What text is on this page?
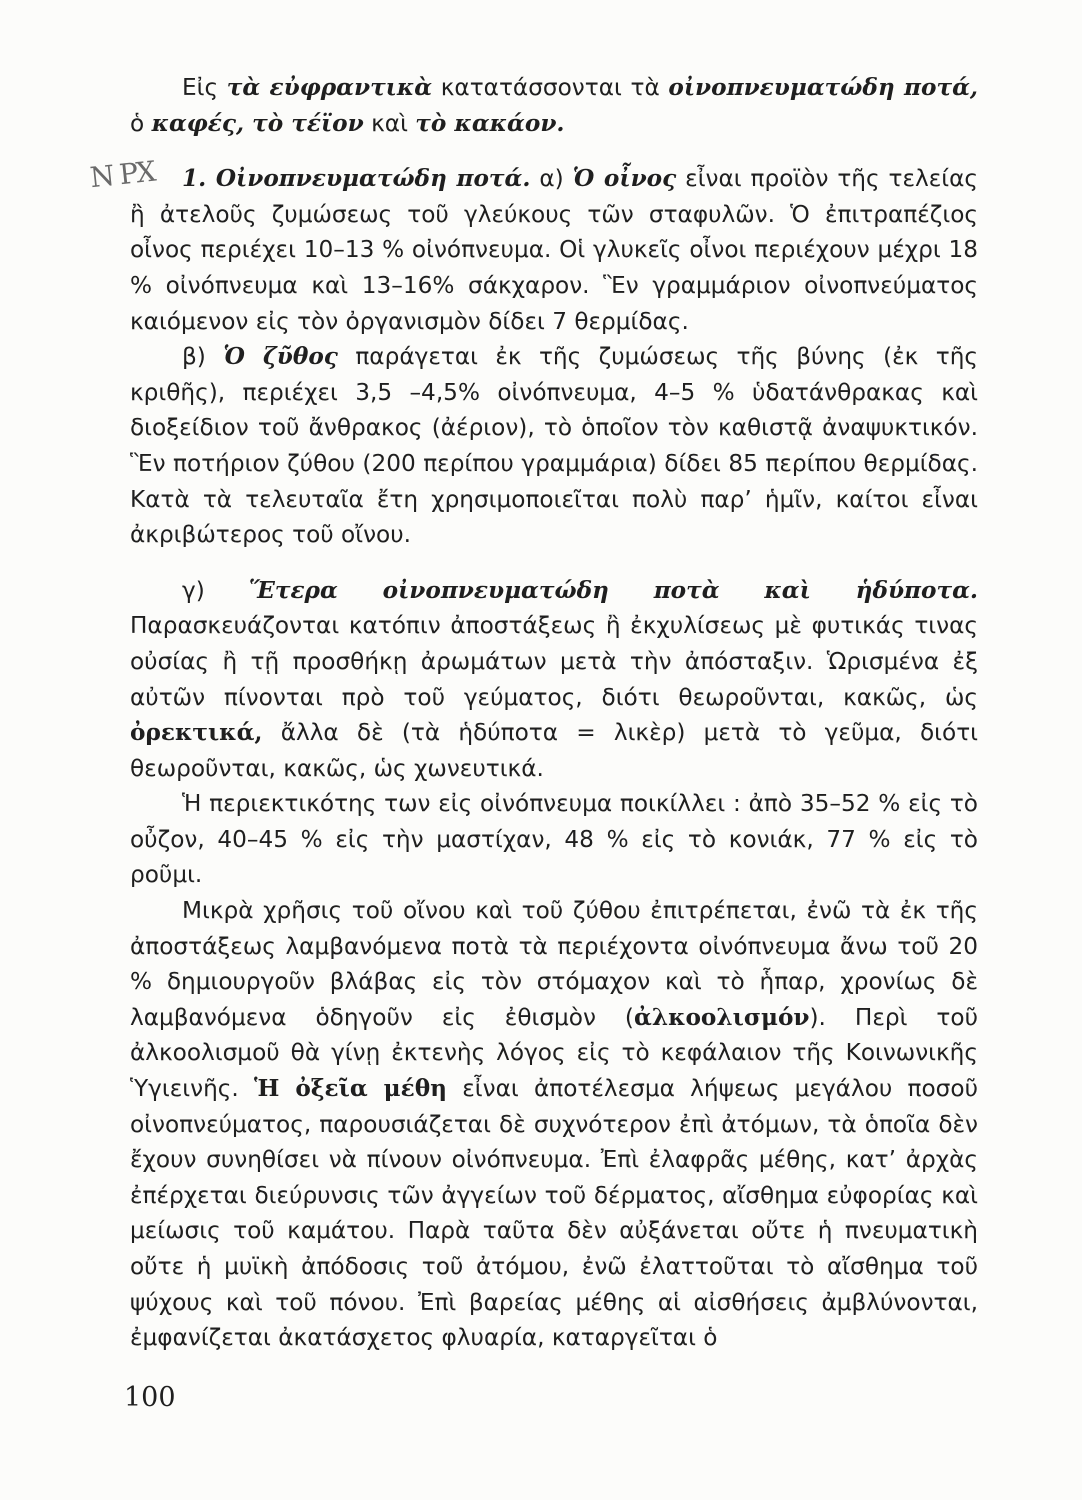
Ν ΡΧ

Εἰς τὰ εὐφραντικὰ κατατάσσονται τὰ οἰνοπνευματώδη ποτά, ὁ καφές, τὸ τέϊον καὶ τὸ κακάον.

1. Οἰνοπνευματώδη ποτά. α) Ὁ οἶνος εἶναι προϊὸν τῆς τελείας ἢ ἀτελοῦς ζυμώσεως τοῦ γλεύκους τῶν σταφυλῶν. Ὁ ἐπιτραπέζιος οἶνος περιέχει 10–13 % οἰνόπνευμα. Οἱ γλυκεῖς οἶνοι περιέχουν μέχρι 18 % οἰνόπνευμα καὶ 13–16% σάκχαρον. Ἓν γραμμάριον οἰνοπνεύματος καιόμενον εἰς τὸν ὀργανισμὸν δίδει 7 θερμίδας.

β) Ὁ ζῦθος παράγεται ἐκ τῆς ζυμώσεως τῆς βύνης (ἐκ τῆς κριθῆς), περιέχει 3,5 –4,5% οἰνόπνευμα, 4–5 % ὑδατάνθρακας καὶ διοξείδιον τοῦ ἄνθρακος (ἀέριον), τὸ ὁποῖον τὸν καθιστᾷ ἀναψυκτικόν. Ἓν ποτήριον ζύθου (200 περίπου γραμμάρια) δίδει 85 περίπου θερμίδας. Κατὰ τὰ τελευταῖα ἔτη χρησιμοποιεῖται πολὺ παρ’ ἡμῖν, καίτοι εἶναι ἀκριβώτερος τοῦ οἴνου.

γ) Ἕτερα οἰνοπνευματώδη ποτὰ καὶ ἡδύποτα. Παρασκευάζονται κατόπιν ἀποστάξεως ἢ ἐκχυλίσεως μὲ φυτικάς τινας οὐσίας ἢ τῇ προσθήκῃ ἀρωμάτων μετὰ τὴν ἀπόσταξιν. Ὡρισμένα ἐξ αὐτῶν πίνονται πρὸ τοῦ γεύματος, διότι θεωροῦνται, κακῶς, ὡς ὀρεκτικά, ἄλλα δὲ (τὰ ἡδύποτα = λικὲρ) μετὰ τὸ γεῦμα, διότι θεωροῦνται, κακῶς, ὡς χωνευτικά.

Ἡ περιεκτικότης των εἰς οἰνόπνευμα ποικίλλει : ἀπὸ 35–52 % εἰς τὸ οὖζον, 40–45 % εἰς τὴν μαστίχαν, 48 % εἰς τὸ κονιάκ, 77 % εἰς τὸ ροῦμι.

Μικρὰ χρῆσις τοῦ οἴνου καὶ τοῦ ζύθου ἐπιτρέπεται, ἐνῶ τὰ ἐκ τῆς ἀποστάξεως λαμβανόμενα ποτὰ τὰ περιέχοντα οἰνόπνευμα ἄνω τοῦ 20 % δημιουργοῦν βλάβας εἰς τὸν στόμαχον καὶ τὸ ἧπαρ, χρονίως δὲ λαμβανόμενα ὁδηγοῦν εἰς ἐθισμὸν (ἀλκοολισμόν). Περὶ τοῦ ἀλκοολισμοῦ θὰ γίνῃ ἐκτενὴς λόγος εἰς τὸ κεφάλαιον τῆς Κοινωνικῆς Ὑγιεινῆς. Ἡ ὀξεῖα μέθη εἶναι ἀποτέλεσμα λήψεως μεγάλου ποσοῦ οἰνοπνεύματος, παρουσιάζεται δὲ συχνότερον ἐπὶ ἀτόμων, τὰ ὁποῖα δὲν ἔχουν συνηθίσει νὰ πίνουν οἰνόπνευμα. Ἐπὶ ἐλαφρᾶς μέθης, κατ’ ἀρχὰς ἐπέρχεται διεύρυνσις τῶν ἀγγείων τοῦ δέρματος, αἴσθημα εὐφορίας καὶ μείωσις τοῦ καμάτου. Παρὰ ταῦτα δὲν αὐξάνεται οὔτε ἡ πνευματικὴ οὔτε ἡ μυϊκὴ ἀπόδοσις τοῦ ἀτόμου, ἐνῶ ἐλαττοῦται τὸ αἴσθημα τοῦ ψύχους καὶ τοῦ πόνου. Ἐπὶ βαρείας μέθης αἱ αἰσθήσεις ἀμβλύνονται, ἐμφανίζεται ἀκατάσχετος φλυαρία, καταργεῖται ὁ

100
